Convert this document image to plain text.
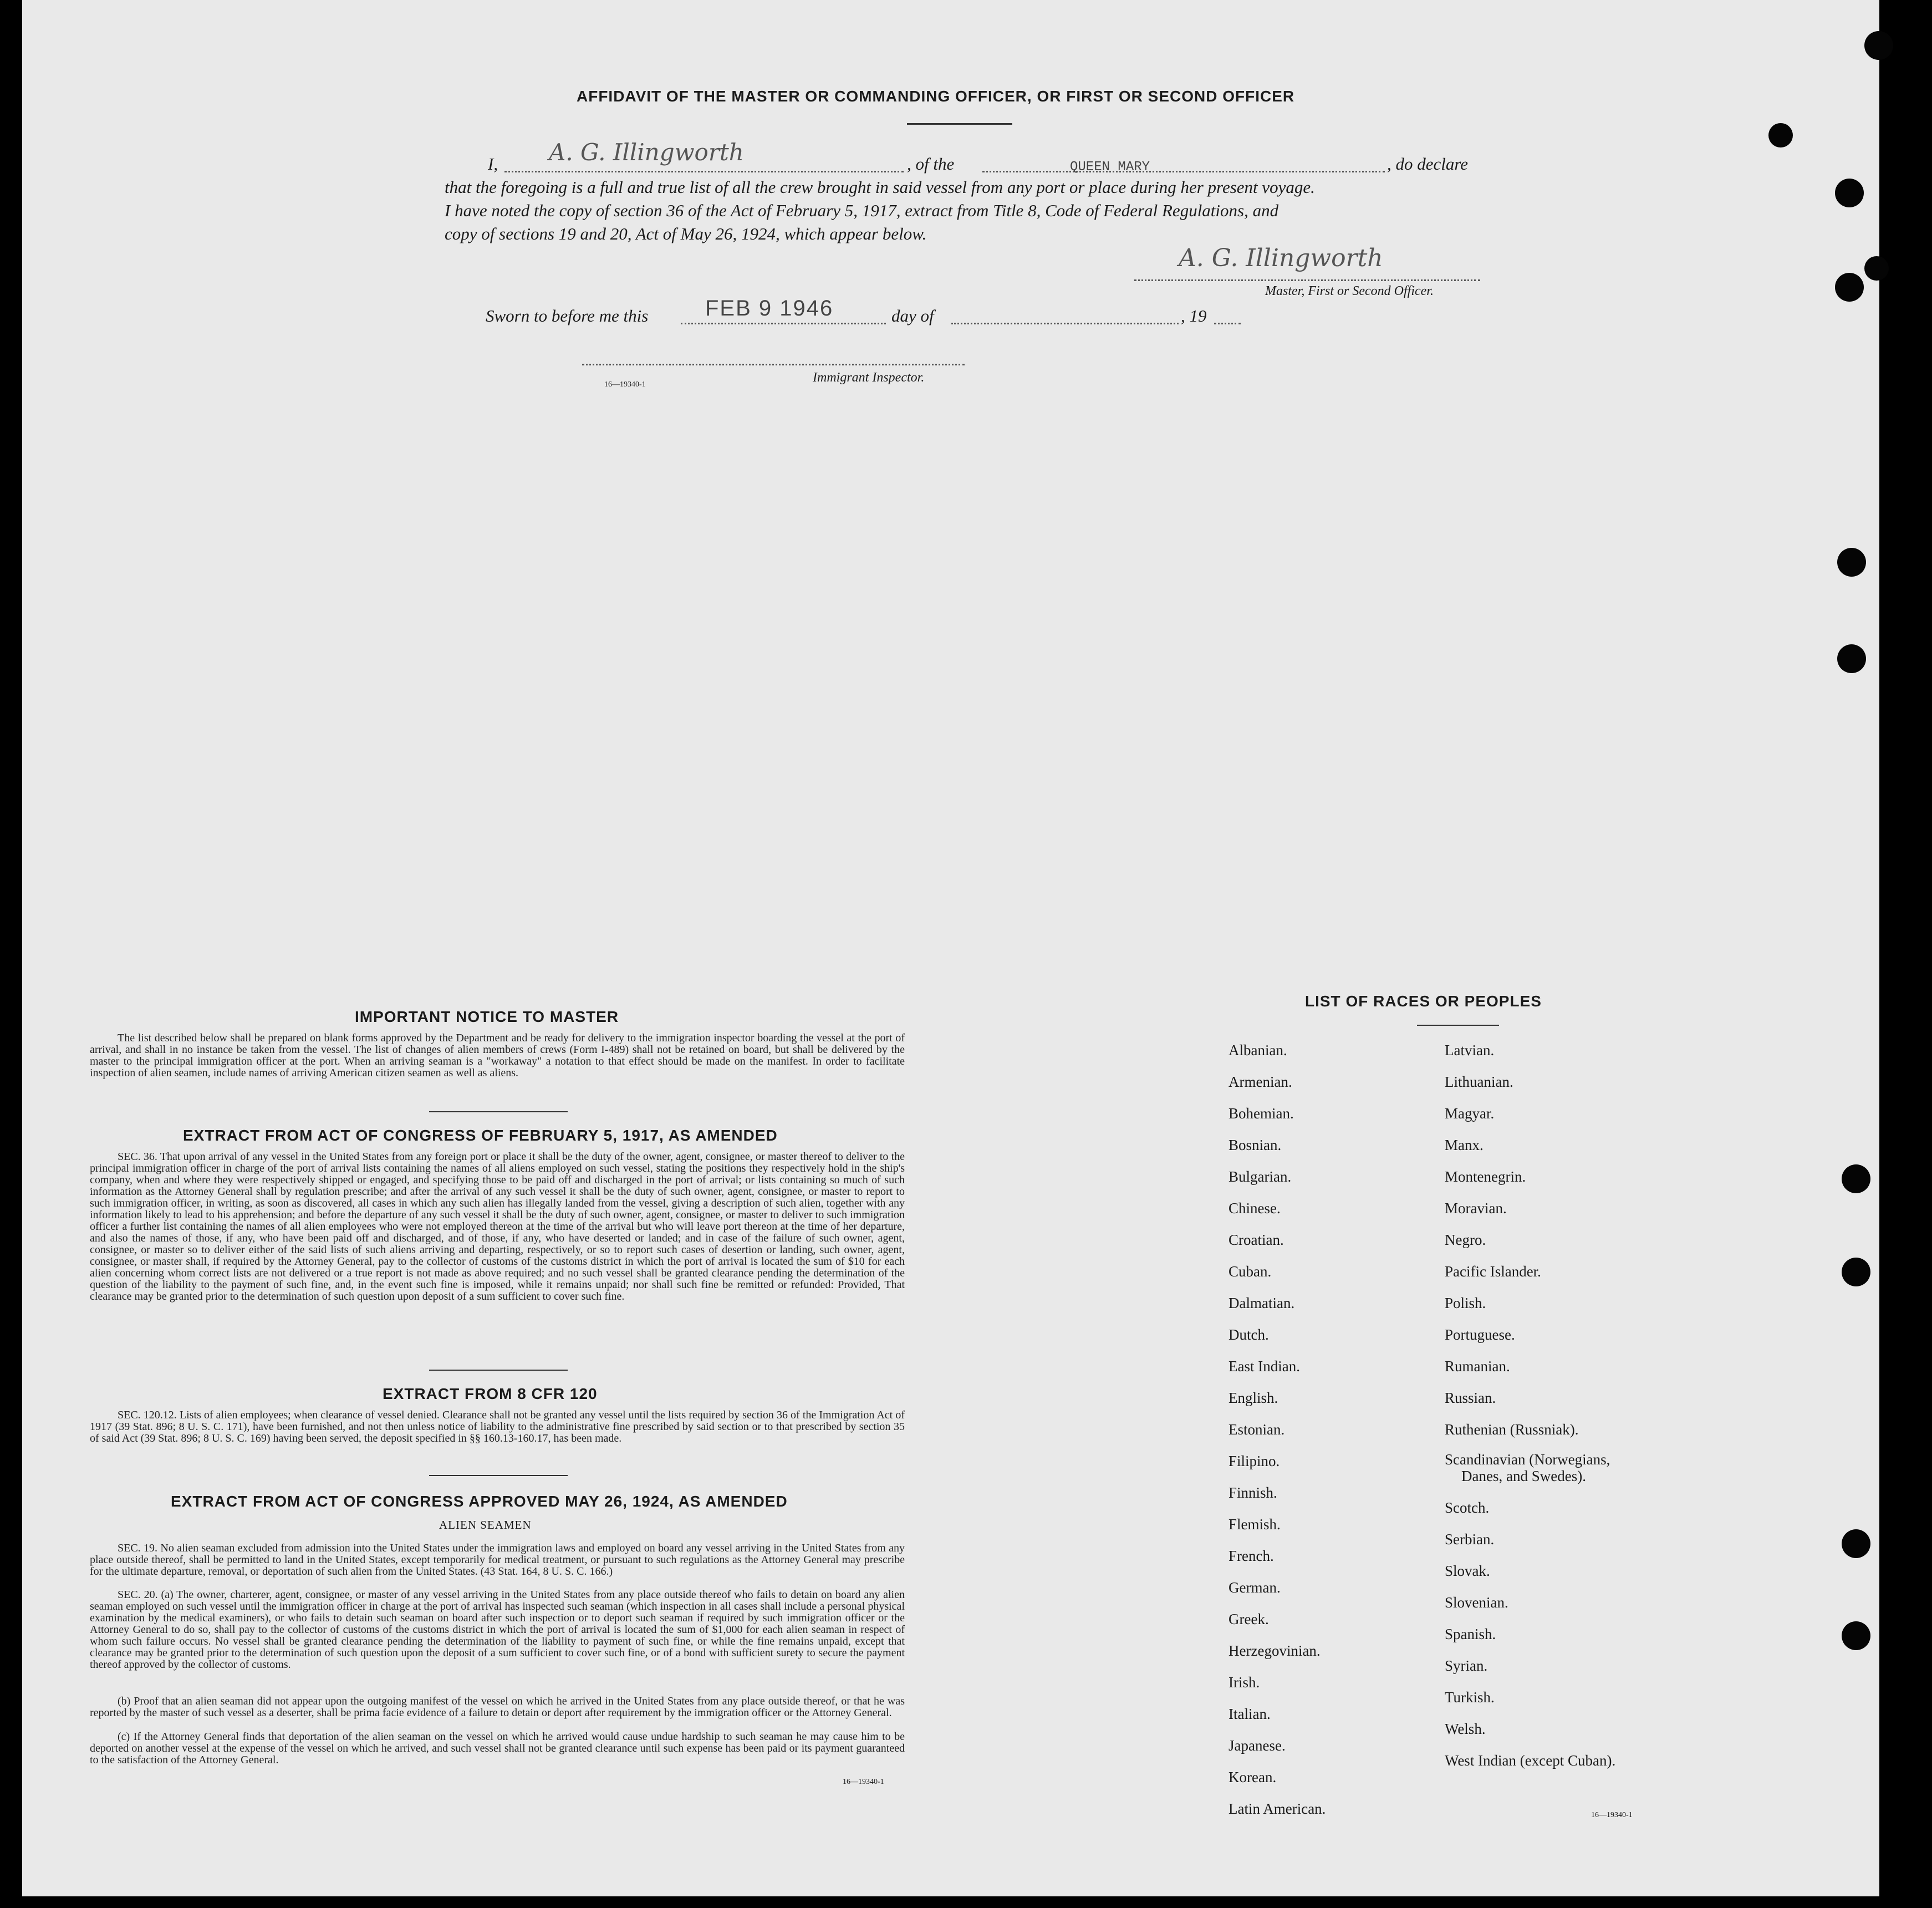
AFFIDAVIT OF THE MASTER OR COMMANDING OFFICER, OR FIRST OR SECOND OFFICER
I, A. G. Illingworth	, of the	QUEEN MARY	, do declare
that the foregoing is a full and true list of all the crew brought in said vessel from any port or place during her present voyage.
I have noted the copy of section 36 of the Act of February 5, 1917, extract from Title 8, Code of Federal Regulations, and
copy of sections 19 and 20, Act of May 26, 1924, which appear below.
A. G. Illingworth
Master, First or Second Officer.
Sworn to before me this	FEB 9 1946	day of	, 19
16—19340-1	Immigrant Inspector.
IMPORTANT NOTICE TO MASTER
The list described below shall be prepared on blank forms approved by the Department and be ready for delivery to the immigration inspector boarding the vessel at the port of arrival, and shall in no instance be taken from the vessel. The list of changes of alien members of crews (Form I-489) shall not be retained on board, but shall be delivered by the master to the principal immigration officer at the port. When an arriving seaman is a "workaway" a notation to that effect should be made on the manifest. In order to facilitate inspection of alien seamen, include names of arriving American citizen seamen as well as aliens.
EXTRACT FROM ACT OF CONGRESS OF FEBRUARY 5, 1917, AS AMENDED
SEC. 36. That upon arrival of any vessel in the United States from any foreign port or place it shall be the duty of the owner, agent, consignee, or master thereof to deliver to the principal immigration officer in charge of the port of arrival lists containing the names of all aliens employed on such vessel, stating the positions they respectively hold in the ship's company, when and where they were respectively shipped or engaged, and specifying those to be paid off and discharged in the port of arrival; or lists containing so much of such information as the Attorney General shall by regulation prescribe; and after the arrival of any such vessel it shall be the duty of such owner, agent, consignee, or master to report to such immigration officer, in writing, as soon as discovered, all cases in which any such alien has illegally landed from the vessel, giving a description of such alien, together with any information likely to lead to his apprehension; and before the departure of any such vessel it shall be the duty of such owner, agent, consignee, or master to deliver to such immigration officer a further list containing the names of all alien employees who were not employed thereon at the time of the arrival but who will leave port thereon at the time of her departure, and also the names of those, if any, who have been paid off and discharged, and of those, if any, who have deserted or landed; and in case of the failure of such owner, agent, consignee, or master so to deliver either of the said lists of such aliens arriving and departing, respectively, or so to report such cases of desertion or landing, such owner, agent, consignee, or master shall, if required by the Attorney General, pay to the collector of customs of the customs district in which the port of arrival is located the sum of $10 for each alien concerning whom correct lists are not delivered or a true report is not made as above required; and no such vessel shall be granted clearance pending the determination of the question of the liability to the payment of such fine, and, in the event such fine is imposed, while it remains unpaid; nor shall such fine be remitted or refunded: Provided, That clearance may be granted prior to the determination of such question upon deposit of a sum sufficient to cover such fine.
EXTRACT FROM 8 CFR 120
SEC. 120.12. Lists of alien employees; when clearance of vessel denied. Clearance shall not be granted any vessel until the lists required by section 36 of the Immigration Act of 1917 (39 Stat. 896; 8 U. S. C. 171), have been furnished, and not then unless notice of liability to the administrative fine prescribed by said section or to that prescribed by section 35 of said Act (39 Stat. 896; 8 U. S. C. 169) having been served, the deposit specified in §§ 160.13-160.17, has been made.
EXTRACT FROM ACT OF CONGRESS APPROVED MAY 26, 1924, AS AMENDED
ALIEN SEAMEN
SEC. 19. No alien seaman excluded from admission into the United States under the immigration laws and employed on board any vessel arriving in the United States from any place outside thereof, shall be permitted to land in the United States, except temporarily for medical treatment, or pursuant to such regulations as the Attorney General may prescribe for the ultimate departure, removal, or deportation of such alien from the United States. (43 Stat. 164, 8 U. S. C. 166.)
SEC. 20. (a) The owner, charterer, agent, consignee, or master of any vessel arriving in the United States from any place outside thereof who fails to detain on board any alien seaman employed on such vessel until the immigration officer in charge at the port of arrival has inspected such seaman (which inspection in all cases shall include a personal physical examination by the medical examiners), or who fails to detain such seaman on board after such inspection or to deport such seaman if required by such immigration officer or the Attorney General to do so, shall pay to the collector of customs of the customs district in which the port of arrival is located the sum of $1,000 for each alien seaman in respect of whom such failure occurs. No vessel shall be granted clearance pending the determination of the liability to payment of such fine, or while the fine remains unpaid, except that clearance may be granted prior to the determination of such question upon the deposit of a sum sufficient to cover such fine, or of a bond with sufficient surety to secure the payment thereof approved by the collector of customs.
(b) Proof that an alien seaman did not appear upon the outgoing manifest of the vessel on which he arrived in the United States from any place outside thereof, or that he was reported by the master of such vessel as a deserter, shall be prima facie evidence of a failure to detain or deport after requirement by the immigration officer or the Attorney General.
(c) If the Attorney General finds that deportation of the alien seaman on the vessel on which he arrived would cause undue hardship to such seaman he may cause him to be deported on another vessel at the expense of the vessel on which he arrived, and such vessel shall not be granted clearance until such expense has been paid or its payment guaranteed to the satisfaction of the Attorney General.
16—19340-1
LIST OF RACES OR PEOPLES
Albanian.
Armenian.
Bohemian.
Bosnian.
Bulgarian.
Chinese.
Croatian.
Cuban.
Dalmatian.
Dutch.
East Indian.
English.
Estonian.
Filipino.
Finnish.
Flemish.
French.
German.
Greek.
Herzegovinian.
Irish.
Italian.
Japanese.
Korean.
Latin American.
Latvian.
Lithuanian.
Magyar.
Manx.
Montenegrin.
Moravian.
Negro.
Pacific Islander.
Polish.
Portuguese.
Rumanian.
Russian.
Ruthenian (Russniak).
Scandinavian (Norwegians,
Danes, and Swedes).
Scotch.
Serbian.
Slovak.
Slovenian.
Spanish.
Syrian.
Turkish.
Welsh.
West Indian (except Cuban).
16—19340-1
